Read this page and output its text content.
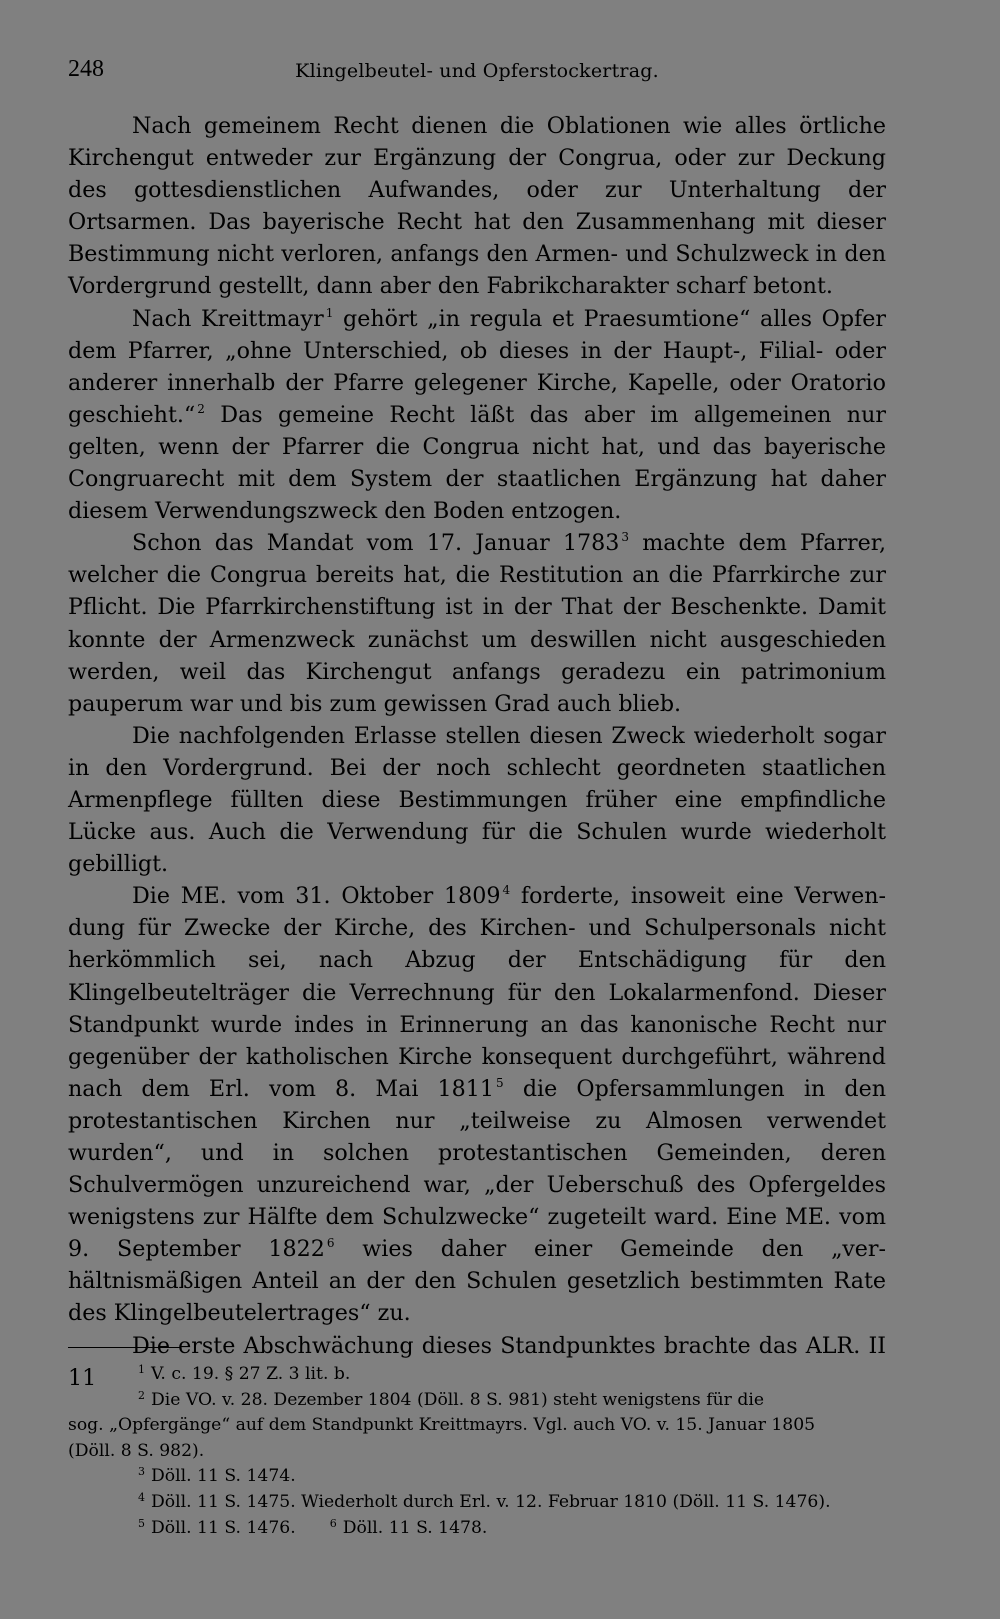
248	Klingelbeutel- und Opferstockertrag.

Nach gemeinem Recht dienen die Oblationen wie alles örtliche Kirchengut entweder zur Ergänzung der Congrua, oder zur Deckung des gottesdienstlichen Aufwandes, oder zur Unterhaltung der Ortsarmen. Das bayerische Recht hat den Zusammenhang mit dieser Bestimmung nicht verloren, anfangs den Armen- und Schulzweck in den Vordergrund gestellt, dann aber den Fabrikcharakter scharf betont.

Nach Kreittmayr $^1$ gehört „in regula et Praesumtione“ alles Opfer dem Pfarrer, „ohne Unterschied, ob dieses in der Haupt-, Filial- oder anderer innerhalb der Pfarre gelegener Kirche, Kapelle, oder Oratorio geschieht.“ $^2$ Das gemeine Recht läßt das aber im allgemeinen nur gelten, wenn der Pfarrer die Congrua nicht hat, und das bayerische Congruarecht mit dem System der staatlichen Ergänzung hat daher diesem Verwendungszweck den Boden entzogen.

Schon das Mandat vom 17. Januar 1783 $^3$ machte dem Pfarrer, welcher die Congrua bereits hat, die Restitution an die Pfarrkirche zur Pflicht. Die Pfarrkirchenstiftung ist in der That der Beschenkte. Damit konnte der Armenzweck zunächst um deswillen nicht ausgeschieden werden, weil das Kirchengut anfangs geradezu ein patrimonium pauperum war und bis zum gewissen Grad auch blieb.

Die nachfolgenden Erlasse stellen diesen Zweck wiederholt sogar in den Vordergrund. Bei der noch schlecht geordneten staatlichen Armenpflege füllten diese Bestimmungen früher eine empfindliche Lücke aus. Auch die Verwendung für die Schulen wurde wiederholt gebilligt.

Die ME. vom 31. Oktober 1809 $^4$ forderte, insoweit eine Verwendung für Zwecke der Kirche, des Kirchen- und Schulpersonals nicht herkömmlich sei, nach Abzug der Entschädigung für den Klingelbeutelträger die Verrechnung für den Lokalarmenfond. Dieser Standpunkt wurde indes in Erinnerung an das kanonische Recht nur gegenüber der katholischen Kirche konsequent durchgeführt, während nach dem Erl. vom 8. Mai 1811 $^5$ die Opfersammlungen in den protestantischen Kirchen nur „teilweise zu Almosen verwendet wurden“, und in solchen protestantischen Gemeinden, deren Schulvermögen unzureichend war, „der Ueberschuß des Opfergeldes wenigstens zur Hälfte dem Schulzwecke“ zugeteilt ward. Eine ME. vom 9. September 1822 $^6$ wies daher einer Gemeinde den „verhältnismäßigen Anteil an der den Schulen gesetzlich bestimmten Rate des Klingelbeutelertrages“ zu.

Die erste Abschwächung dieses Standpunktes brachte das ALR. II 11	$^1$ V. c. 19. § 27 Z. 3 lit. b.

$^2$ Die VO. v. 28. Dezember 1804 (Döll. 8 S. 981) steht wenigstens für die

sog. „Opfergänge“ auf dem Standpunkt Kreittmayrs. Vgl. auch VO. v. 15. Januar 1805

(Döll. 8 S. 982).

$^3$ Döll. 11 S. 1474.

$^4$ Döll. 11 S. 1475. Wiederholt durch Erl. v. 12. Februar 1810 (Döll. 11 S. 1476).

$^5$ Döll. 11 S. 1476.	$^6$ Döll. 11 S. 1478.
